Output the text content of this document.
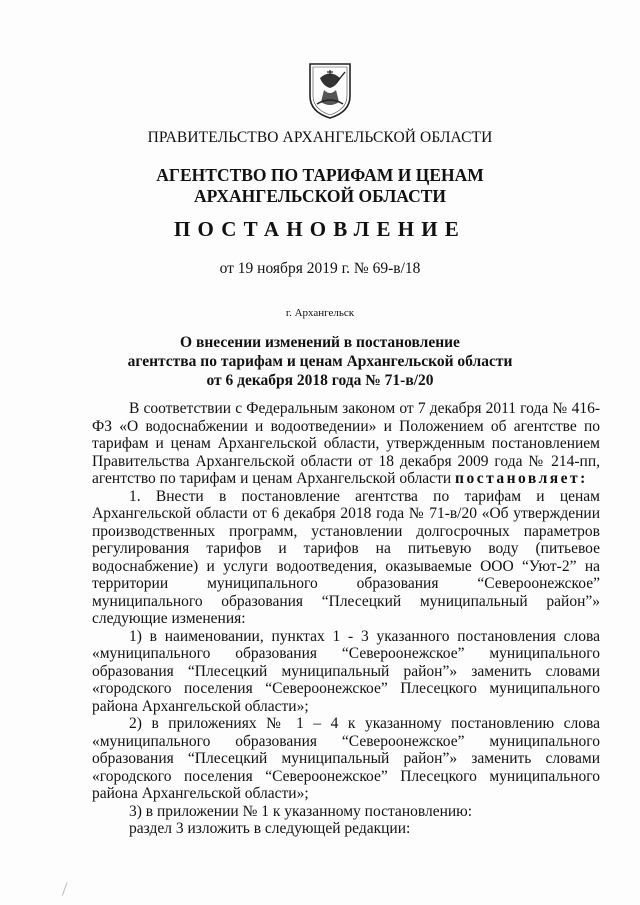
ПРАВИТЕЛЬСТВО АРХАНГЕЛЬСКОЙ ОБЛАСТИ
АГЕНТСТВО ПО ТАРИФАМ И ЦЕНАМ
АРХАНГЕЛЬСКОЙ ОБЛАСТИ
ПОСТАНОВЛЕНИЕ
от 19 ноября 2019 г. № 69-в/18
г. Архангельск
О внесении изменений в постановление
агентства по тарифам и ценам Архангельской области
от 6 декабря 2018 года № 71-в/20

В соответствии с Федеральным законом от 7 декабря 2011 года № 416-ФЗ «О водоснабжении и водоотведении» и Положением об агентстве по тарифам и ценам Архангельской области, утвержденным постановлением Правительства Архангельской области от 18 декабря 2009 года № 214-пп, агентство по тарифам и ценам Архангельской области постановляет:

1. Внести в постановление агентства по тарифам и ценам Архангельской области от 6 декабря 2018 года № 71-в/20 «Об утверждении производственных программ, установлении долгосрочных параметров регулирования тарифов и тарифов на питьевую воду (питьевое водоснабжение) и услуги водоотведения, оказываемые ООО “Уют-2” на территории муниципального образования “Североонежское” муниципального образования “Плесецкий муниципальный район”» следующие изменения:

1) в наименовании, пунктах 1 - 3 указанного постановления слова «муниципального образования “Североонежское” муниципального образования “Плесецкий муниципальный район”» заменить словами «городского поселения “Североонежское” Плесецкого муниципального района Архангельской области»;

2) в приложениях № 1 – 4 к указанному постановлению слова «муниципального образования “Североонежское” муниципального образования “Плесецкий муниципальный район”» заменить словами «городского поселения “Североонежское” Плесецкого муниципального района Архангельской области»;

3) в приложении № 1 к указанному постановлению:

раздел 3 изложить в следующей редакции:
